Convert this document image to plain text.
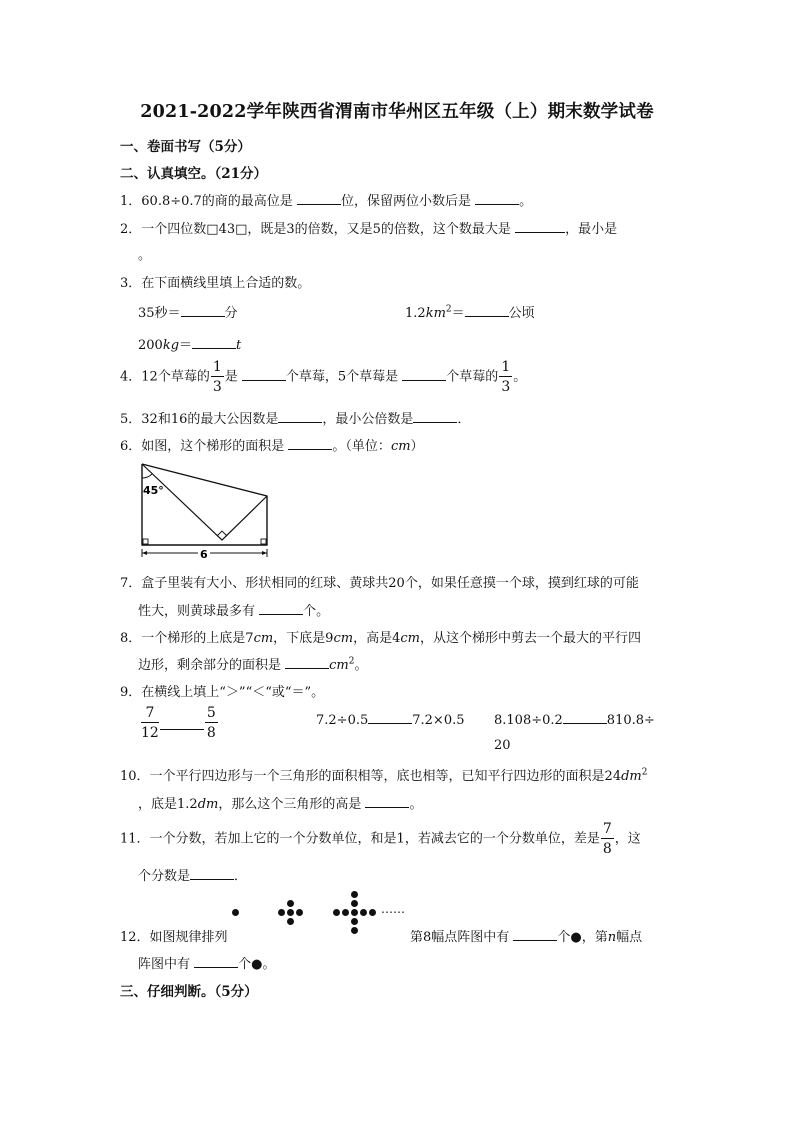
2021-2022学年陕西省渭南市华州区五年级（上）期末数学试卷
一、卷面书写（5分）
二、认真填空。（21分）
1．60.8÷0.7的商的最高位是	位，保留两位小数后是	。
2．一个四位数□43□，既是3的倍数，又是5的倍数，这个数最大是	，最小是
。
3．在下面横线里填上合适的数。
35秒＝	分	$1.2km^2=$	公顷
200kg＝	t
4．12个草莓的 $\frac{1}{3}$ 是	个草莓，5个草莓是	个草莓的 $\frac{1}{3}$ 。
5．32和16的最大公因数是	，最小公倍数是	．
6．如图，这个梯形的面积是	。（单位：cm）
45°
6
7．盒子里装有大小、形状相同的红球、黄球共20个，如果任意摸一个球，摸到红球的可能
性大，则黄球最多有	个。
8．一个梯形的上底是7cm，下底是9cm，高是4cm，从这个梯形中剪去一个最大的平行四
边形，剩余部分的面积是	$cm^2$。
9．在横线上填上“＞”“＜“或“＝”。
$\frac{7}{12}$	$\frac{5}{8}$	7.2÷0.5	7.2×0.5 8.108÷0.2	810.8÷
20
10．一个平行四边形与一个三角形的面积相等，底也相等，已知平行四边形的面积是$24dm^2$
，底是1.2dm，那么这个三角形的高是	。
11．一个分数，若加上它的一个分数单位，和是1，若减去它的一个分数单位，差是 $\frac{7}{8}$ ，这
个分数是	．
……
12．如图规律排列	第8幅点阵图中有	个●，第n幅点
阵图中有	个●。
三、仔细判断。（5分）
